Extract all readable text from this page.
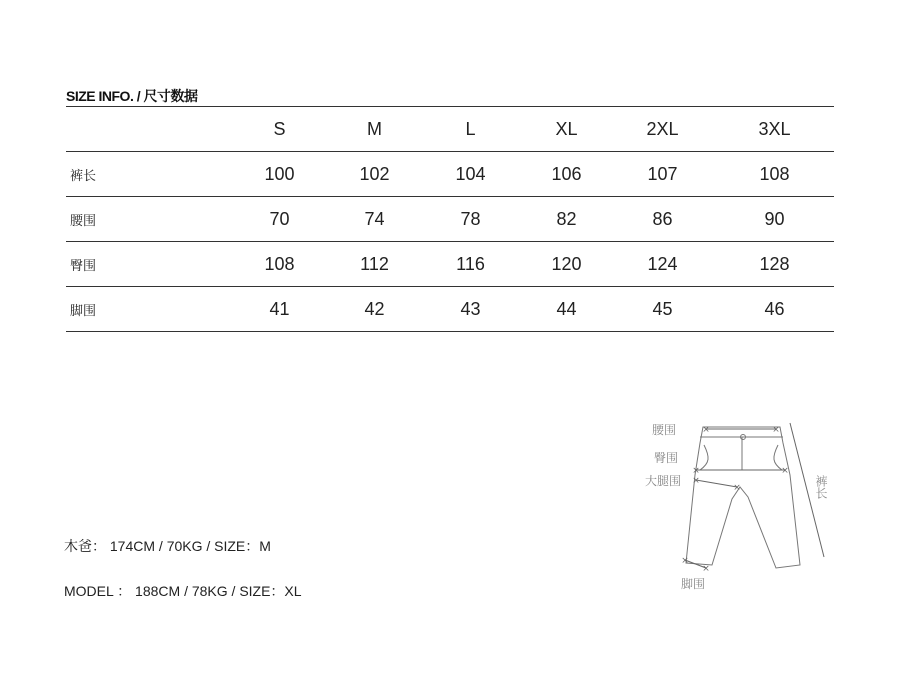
SIZE INFO. / 尺寸数据
	S	M	L	XL	2XL	3XL
裤长	100	102	104	106	107	108
腰围	70	74	78	82	86	90
臀围	108	112	116	120	124	128
脚围	41	42	43	44	45	46
木爸： 174CM / 70KG / SIZE：M
MODEL ： 188CM / 78KG / SIZE：XL
×	×
×	×
×
×
×
×
腰围
臀围
大腿围	裤长
脚围
